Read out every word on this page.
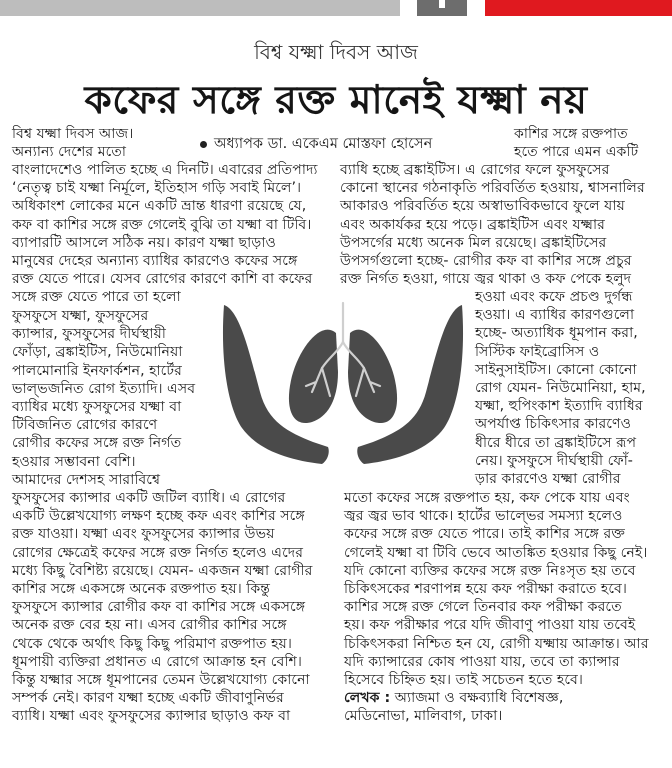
বিশ্ব যক্ষ্মা দিবস আজ
কফের সঙ্গে রক্ত মানেই যক্ষ্মা নয়
অধ্যাপক ডা. একেএম মোস্তফা হোসেন
বিশ্ব যক্ষ্মা দিবস আজ।
অন্যান্য দেশের মতো
বাংলাদেশেও পালিত হচ্ছে এ দিনটি। এবারের প্রতিপাদ্য
‘নেতৃত্ব চাই যক্ষ্মা নির্মূলে, ইতিহাস গড়ি সবাই মিলে’।
অধিকাংশ লোকের মনে একটি ভ্রান্ত ধারণা রয়েছে যে,
কফ বা কাশির সঙ্গে রক্ত গেলেই বুঝি তা যক্ষ্মা বা টিবি।
ব্যাপারটি আসলে সঠিক নয়। কারণ যক্ষ্মা ছাড়াও
মানুষের দেহের অন্যান্য ব্যাধির কারণেও কফের সঙ্গে
রক্ত যেতে পারে। যেসব রোগের কারণে কাশি বা কফের
সঙ্গে রক্ত যেতে পারে তা হলো
ফুসফুসে যক্ষ্মা, ফুসফুসের
ক্যান্সার, ফুসফুসের দীর্ঘস্থায়ী
ফোঁড়া, ব্রঙ্কাইটিস, নিউমোনিয়া
পালমোনারি ইনফার্কশন, হার্টের
ভাল্ভজনিত রোগ ইত্যাদি। এসব
ব্যাধির মধ্যে ফুসফুসের যক্ষ্মা বা
টিবিজনিত রোগের কারণে
রোগীর কফের সঙ্গে রক্ত নির্গত
হওয়ার সম্ভাবনা বেশি।
আমাদের দেশসহ সারাবিশ্বে
ফুসফুসের ক্যান্সার একটি জটিল ব্যাধি। এ রোগের
একটি উল্লেখযোগ্য লক্ষণ হচ্ছে কফ এবং কাশির সঙ্গে
রক্ত যাওয়া। যক্ষ্মা এবং ফুসফুসের ক্যান্সার উভয়
রোগের ক্ষেত্রেই কফের সঙ্গে রক্ত নির্গত হলেও এদের
মধ্যে কিছু বৈশিষ্ট্য রয়েছে। যেমন- একজন যক্ষ্মা রোগীর
কাশির সঙ্গে একসঙ্গে অনেক রক্তপাত হয়। কিন্তু
ফুসফুসে ক্যান্সার রোগীর কফ বা কাশির সঙ্গে একসঙ্গে
অনেক রক্ত বের হয় না। এসব রোগীর কাশির সঙ্গে
থেকে থেকে অর্থাৎ কিছু কিছু পরিমাণ রক্তপাত হয়।
ধূমপায়ী ব্যক্তিরা প্রধানত এ রোগে আক্রান্ত হন বেশি।
কিন্তু যক্ষ্মার সঙ্গে ধূমপানের তেমন উল্লেখযোগ্য কোনো
সম্পর্ক নেই। কারণ যক্ষ্মা হচ্ছে একটি জীবাণুনির্ভর
ব্যাধি। যক্ষ্মা এবং ফুসফুসের ক্যান্সার ছাড়াও কফ বা
কাশির সঙ্গে রক্তপাত
হতে পারে এমন একটি
ব্যাধি হচ্ছে ব্রঙ্কাইটিস। এ রোগের ফলে ফুসফুসের
কোনো স্থানের গঠনাকৃতি পরিবর্তিত হওয়ায়, শ্বাসনালির
আকারও পরিবর্তিত হয়ে অস্বাভাবিকভাবে ফুলে যায়
এবং অকার্যকর হয়ে পড়ে। ব্রঙ্কাইটিস এবং যক্ষ্মার
উপসর্গের মধ্যে অনেক মিল রয়েছে। ব্রঙ্কাইটিসের
উপসর্গগুলো হচ্ছে- রোগীর কফ বা কাশির সঙ্গে প্রচুর
রক্ত নির্গত হওয়া, গায়ে জ্বর থাকা ও কফ পেকে হলুদ
হওয়া এবং কফে প্রচণ্ড দুর্গন্ধ
হওয়া। এ ব্যাধির কারণগুলো
হচ্ছে- অত্যাধিক ধূমপান করা,
সিস্টিক ফাইব্রোসিস ও
সাইনুসাইটিস। কোনো কোনো
রোগ যেমন- নিউমোনিয়া, হাম,
যক্ষ্মা, হুপিংকাশ ইত্যাদি ব্যাধির
অপর্যাপ্ত চিকিৎসার কারণেও
ধীরে ধীরে তা ব্রঙ্কাইটিসে রূপ
নেয়। ফুসফুসে দীর্ঘস্থায়ী ফোঁ-
ড়ার কারণেও যক্ষ্মা রোগীর
মতো কফের সঙ্গে রক্তপাত হয়, কফ পেকে যায় এবং
জ্বর জ্বর ভাব থাকে। হার্টের ভাল্ভের সমস্যা হলেও
কফের সঙ্গে রক্ত যেতে পারে। তাই কাশির সঙ্গে রক্ত
গেলেই যক্ষ্মা বা টিবি ভেবে আতঙ্কিত হওয়ার কিছু নেই।
যদি কোনো ব্যক্তির কফের সঙ্গে রক্ত নিঃসৃত হয় তবে
চিকিৎসকের শরণাপন্ন হয়ে কফ পরীক্ষা করাতে হবে।
কাশির সঙ্গে রক্ত গেলে তিনবার কফ পরীক্ষা করতে
হয়। কফ পরীক্ষার পরে যদি জীবাণু পাওয়া যায় তবেই
চিকিৎসকরা নিশ্চিত হন যে, রোগী যক্ষ্মায় আক্রান্ত। আর
যদি ক্যান্সারের কোষ পাওয়া যায়, তবে তা ক্যান্সার
হিসেবে চিহ্নিত হয়। তাই সচেতন হতে হবে।
লেখক : অ্যাজমা ও বক্ষব্যাধি বিশেষজ্ঞ,
মেডিনোভা, মালিবাগ, ঢাকা।
